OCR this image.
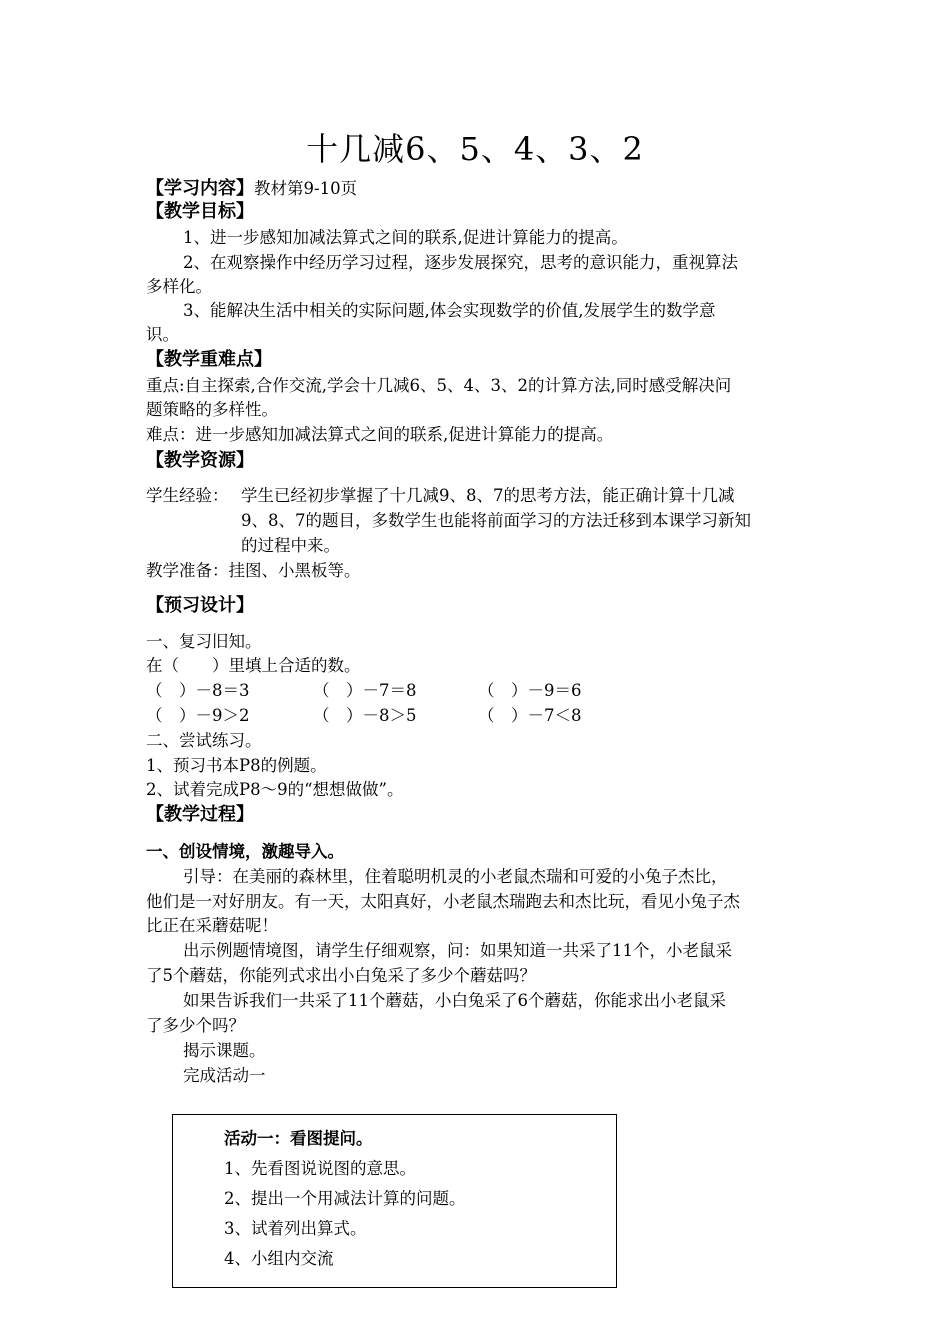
十几减6、5、4、3、2
【学习内容】教材第9-10页
【教学目标】
1、进一步感知加减法算式之间的联系,促进计算能力的提高。
2、在观察操作中经历学习过程，逐步发展探究，思考的意识能力，重视算法
多样化。
3、能解决生活中相关的实际问题,体会实现数学的价值,发展学生的数学意
识。
【教学重难点】
重点:自主探索,合作交流,学会十几减6、5、4、3、2的计算方法,同时感受解决问
题策略的多样性。
难点：进一步感知加减法算式之间的联系,促进计算能力的提高。
【教学资源】
学生经验： 学生已经初步掌握了十几减9、8、7的思考方法，能正确计算十几减
9、8、7的题目，多数学生也能将前面学习的方法迁移到本课学习新知
的过程中来。
教学准备：挂图、小黑板等。
【预习设计】
一、复习旧知。
在（　　）里填上合适的数。
（　）－8＝3	（　）－7＝8	（　）－9＝6
（　）－9＞2	（　）－8＞5	（　）－7＜8
二、尝试练习。
1、预习书本P8的例题。
2、试着完成P8～9的“想想做做”。
【教学过程】
一、创设情境，激趣导入。
引导：在美丽的森林里，住着聪明机灵的小老鼠杰瑞和可爱的小兔子杰比，
他们是一对好朋友。有一天，太阳真好，小老鼠杰瑞跑去和杰比玩，看见小兔子杰
比正在采蘑菇呢！
出示例题情境图，请学生仔细观察，问：如果知道一共采了11个，小老鼠采
了5个蘑菇，你能列式求出小白兔采了多少个蘑菇吗？
如果告诉我们一共采了11个蘑菇，小白兔采了6个蘑菇，你能求出小老鼠采
了多少个吗？
揭示课题。
完成活动一
活动一：看图提问。
1、先看图说说图的意思。
2、提出一个用减法计算的问题。
3、试着列出算式。
4、小组内交流
